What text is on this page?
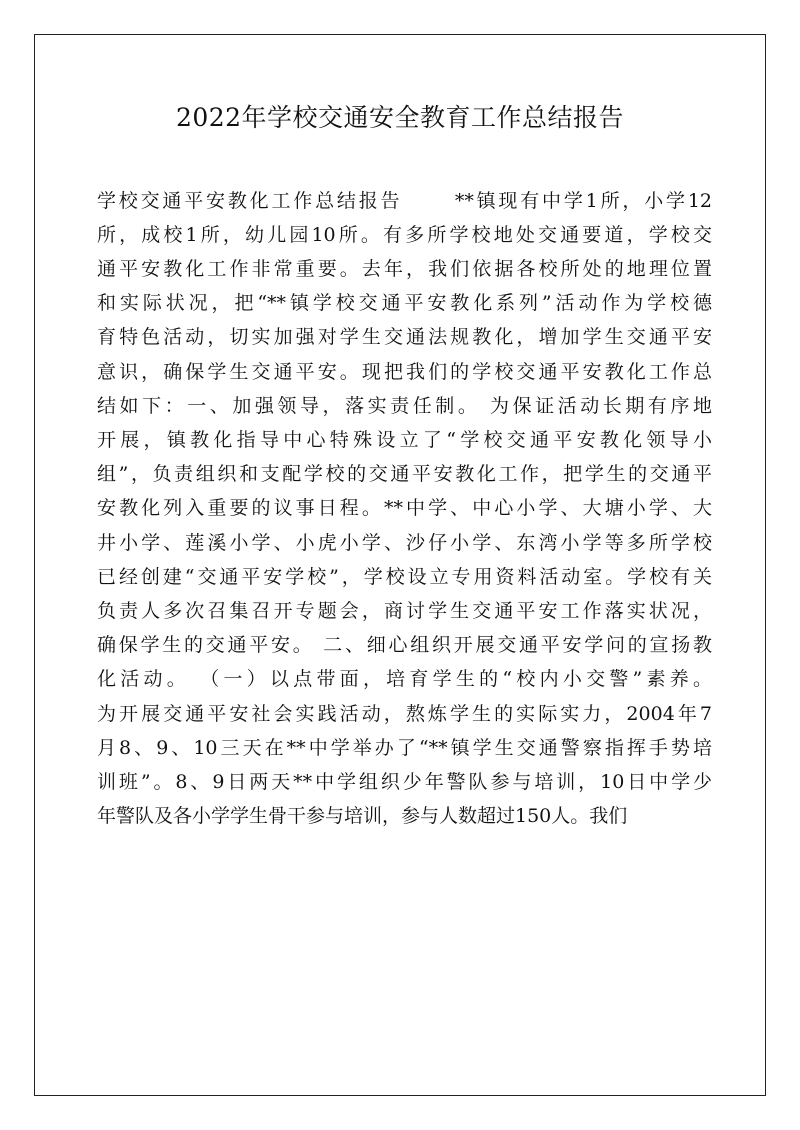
2022年学校交通安全教育工作总结报告
学校交通平安教化工作总结报告　　 **镇现有中学1所，小学12
所，成校1所，幼儿园10所。有多所学校地处交通要道，学校交
通平安教化工作非常重要。去年，我们依据各校所处的地理位置
和实际状况，把“**镇学校交通平安教化系列”活动作为学校德
育特色活动，切实加强对学生交通法规教化，增加学生交通平安
意识，确保学生交通平安。现把我们的学校交通平安教化工作总
结如下：一、加强领导，落实责任制。 为保证活动长期有序地
开展，镇教化指导中心特殊设立了“学校交通平安教化领导小
组”，负责组织和支配学校的交通平安教化工作，把学生的交通平
安教化列入重要的议事日程。**中学、中心小学、大塘小学、大
井小学、莲溪小学、小虎小学、沙仔小学、东湾小学等多所学校
已经创建“交通平安学校”，学校设立专用资料活动室。学校有关
负责人多次召集召开专题会，商讨学生交通平安工作落实状况，
确保学生的交通平安。 二、细心组织开展交通平安学问的宣扬教
化活动。 （一）以点带面，培育学生的“校内小交警”素养。
为开展交通平安社会实践活动，熬炼学生的实际实力，2004年7
月8、9、10三天在**中学举办了“**镇学生交通警察指挥手势培
训班”。8、9日两天**中学组织少年警队参与培训，10日中学少
年警队及各小学学生骨干参与培训，参与人数超过150人。我们
